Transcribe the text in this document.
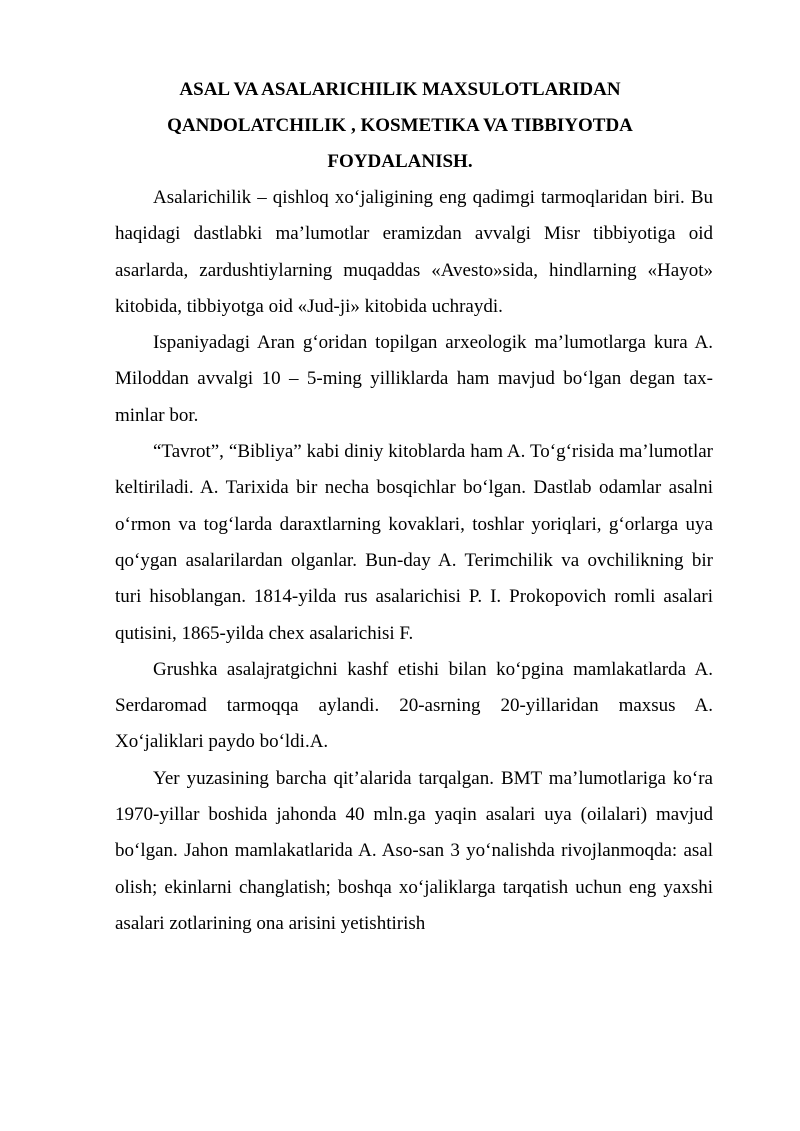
ASAL VA ASALARICHILIK MAXSULOTLARIDAN
QANDOLATCHILIK , KOSMETIKA VA TIBBIYOTDA
FOYDALANISH.

Asalarichilik – qishloq xo‘jaligining eng qadimgi tarmoqlaridan biri. Bu haqidagi dastlabki ma’lumotlar eramizdan avvalgi Misr tibbiyotiga oid asarlarda, zardushtiylarning muqaddas «Avesto»sida, hindlarning «Hayot» kitobida, tibbiyotga oid «Jud-ji» kitobida uchraydi.

Ispaniyadagi Aran g‘oridan topilgan arxeologik ma’lumotlarga kura A. Miloddan avvalgi 10 – 5-ming yilliklarda ham mavjud bo‘lgan degan tax-minlar bor.

“Tavrot”, “Bibliya” kabi diniy kitoblarda ham A. To‘g‘risida ma’lumotlar keltiriladi. A. Tarixida bir necha bosqichlar bo‘lgan. Dastlab odamlar asalni o‘rmon va tog‘larda daraxtlarning kovaklari, toshlar yoriqlari, g‘orlarga uya qo‘ygan asalarilardan olganlar. Bun-day A. Terimchilik va ovchilikning bir turi hisoblangan. 1814-yilda rus asalarichisi P. I. Prokopovich romli asalari qutisini, 1865-yilda chex asalarichisi F.

Grushka asalajratgichni kashf etishi bilan ko‘pgina mamlakatlarda A. Serdaromad tarmoqqa aylandi. 20-asrning 20-yillaridan maxsus A. Xo‘jaliklari paydo bo‘ldi.A.

Yer yuzasining barcha qit’alarida tarqalgan. BMT ma’lumotlariga ko‘ra 1970-yillar boshida jahonda 40 mln.ga yaqin asalari uya (oilalari) mavjud bo‘lgan. Jahon mamlakatlarida A. Aso-san 3 yo‘nalishda rivojlanmoqda: asal olish; ekinlarni changlatish; boshqa xo‘jaliklarga tarqatish uchun eng yaxshi asalari zotlarining ona arisini yetishtirish
